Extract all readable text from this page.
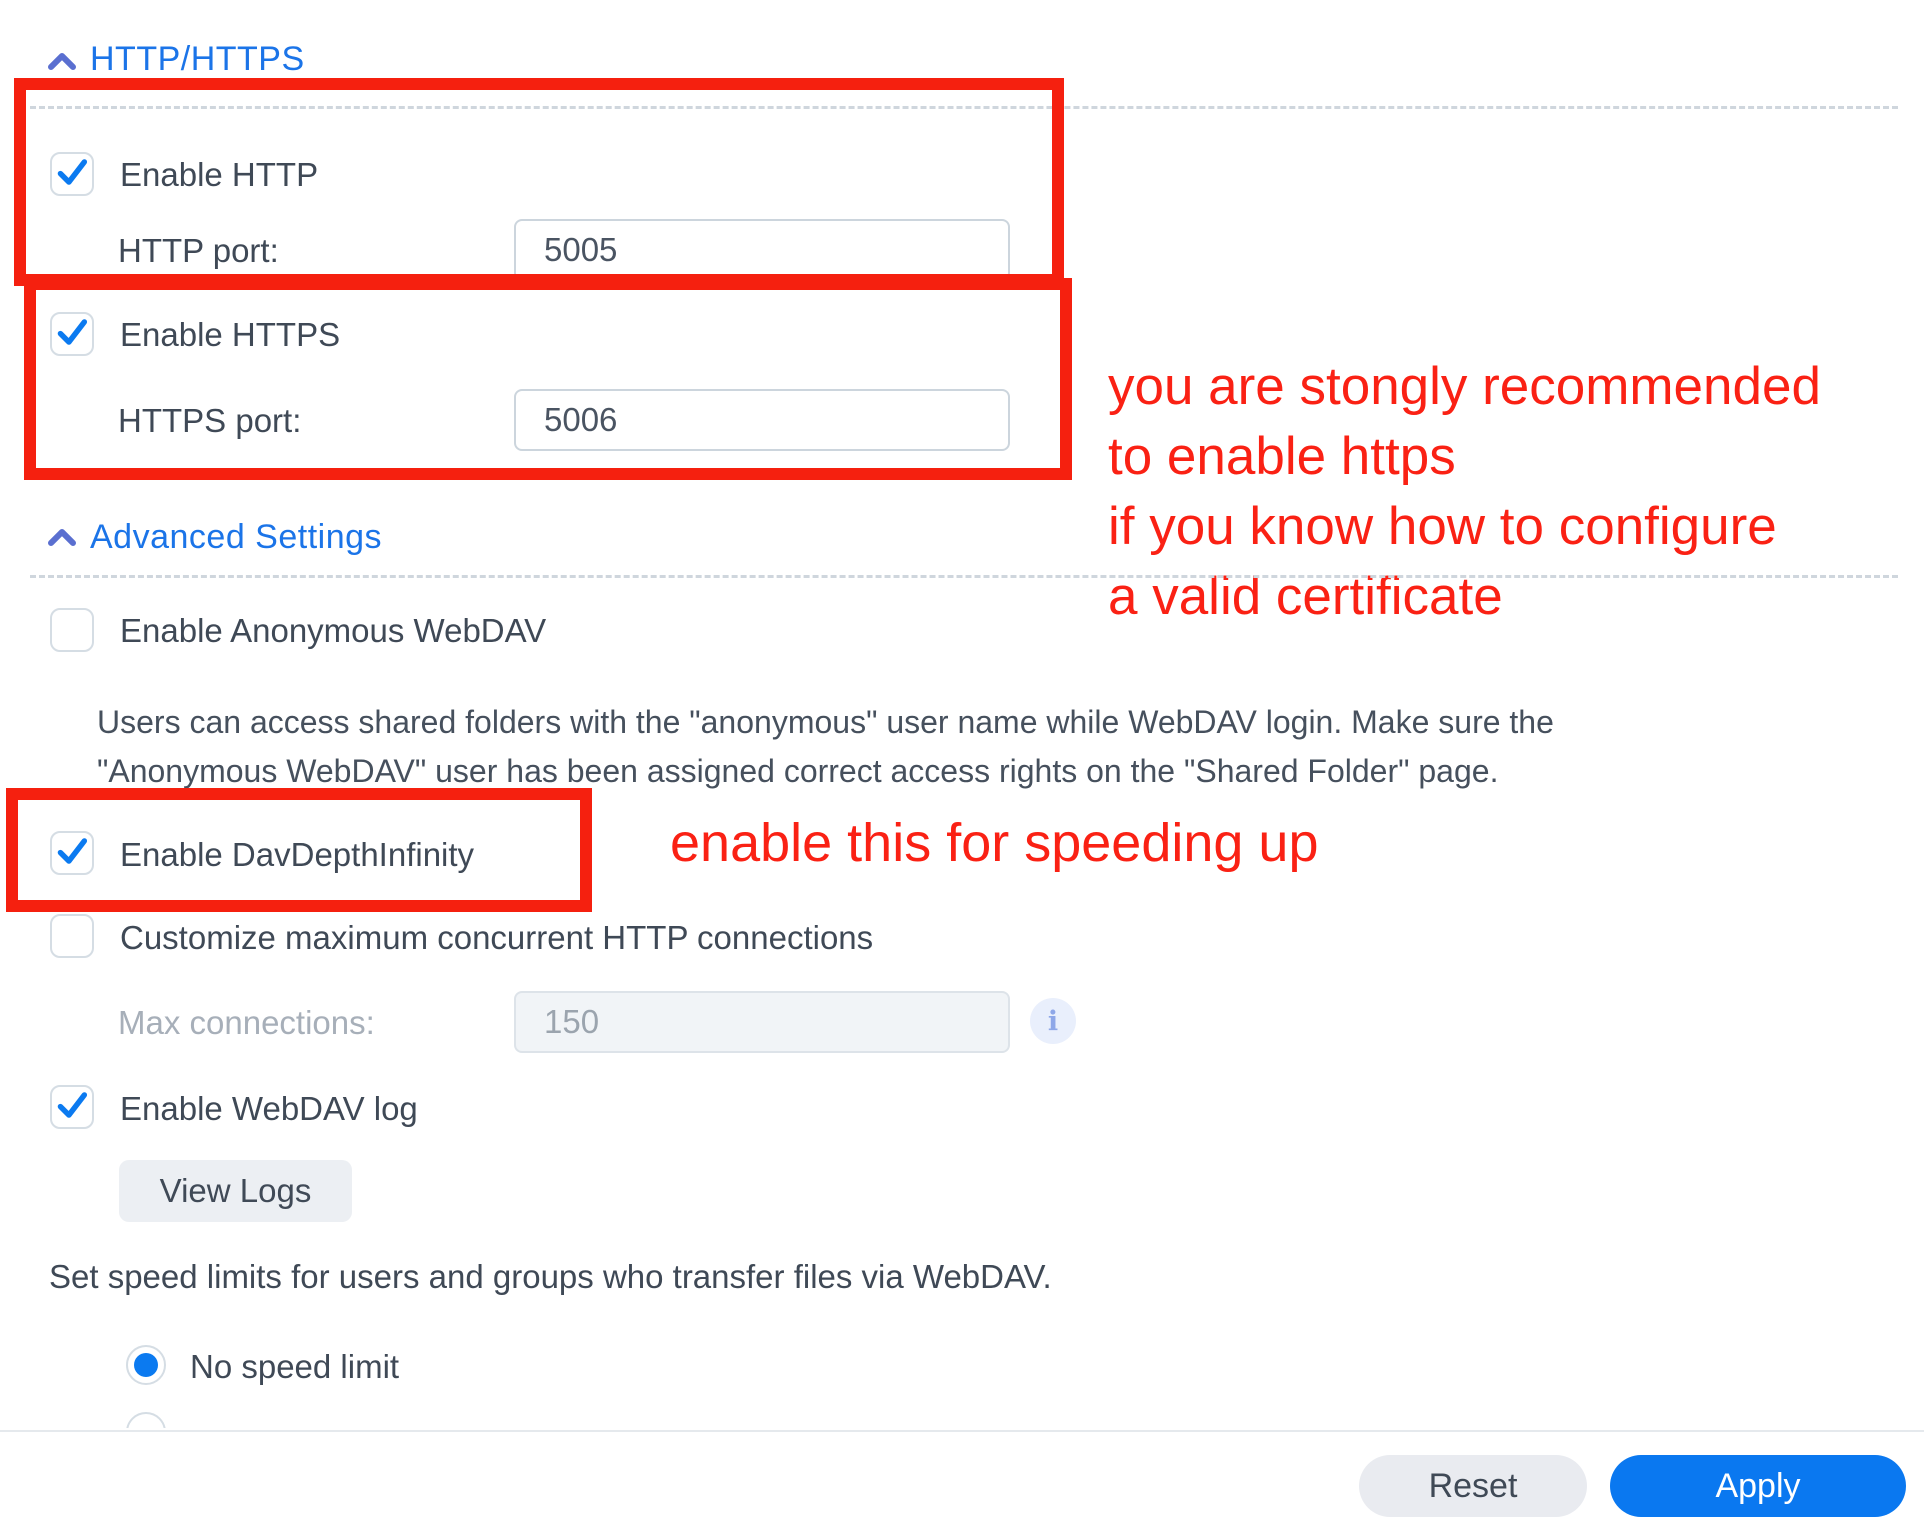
HTTP/HTTPS
Enable HTTP
HTTP port:
5005
Enable HTTPS
HTTPS port:
5006
you are stongly recommended
to enable https
if you know how to configure
a valid certificate
Advanced Settings
Enable Anonymous WebDAV
Users can access shared folders with the "anonymous" user name while WebDAV login. Make sure the
"Anonymous WebDAV" user has been assigned correct access rights on the "Shared Folder" page.
Enable DavDepthInfinity	enable this for speeding up
Customize maximum concurrent HTTP connections
Max connections:
150	i
Enable WebDAV log
View Logs
Set speed limits for users and groups who transfer files via WebDAV.
No speed limit
Reset	Apply
